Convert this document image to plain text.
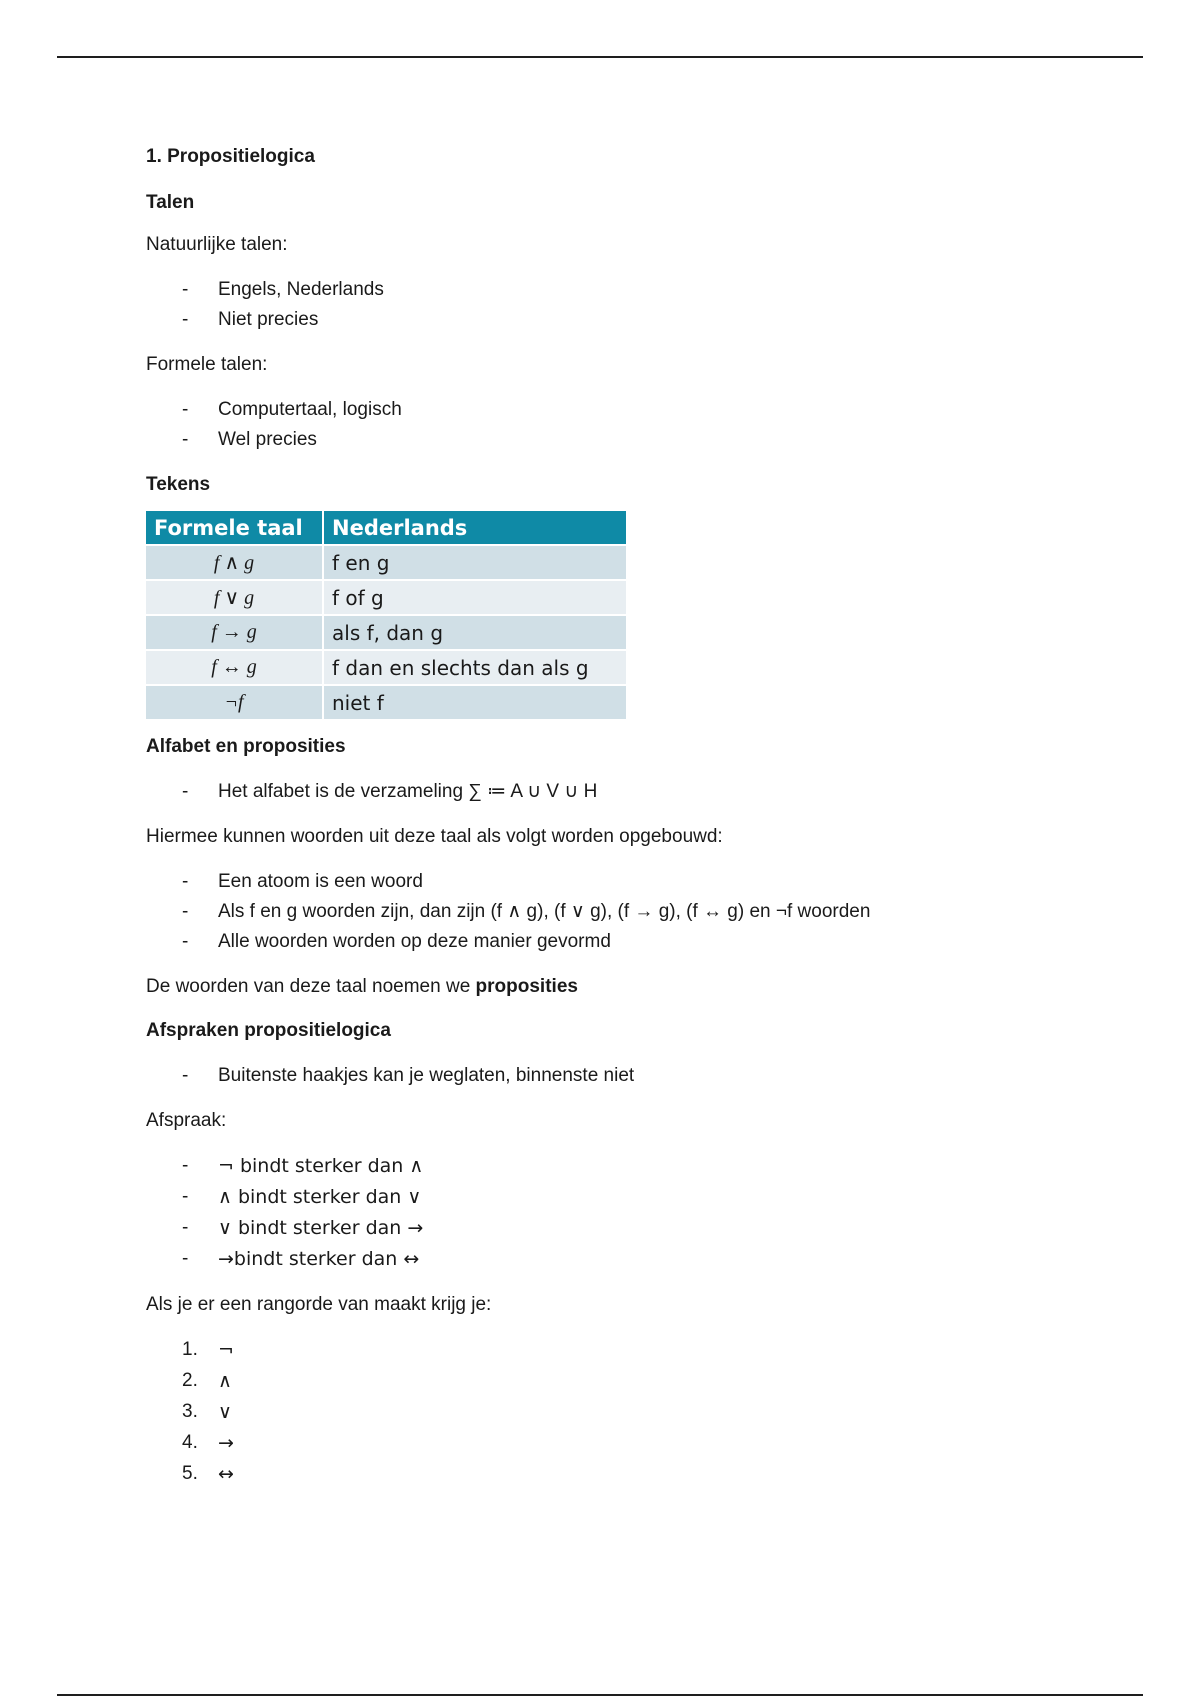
1. Propositielogica

Talen

Natuurlijke talen:

- Engels, Nederlands
- Niet precies

Formele talen:

- Computertaal, logisch
- Wel precies

Tekens

Formele taal	Nederlands
f ∧ g	f en g
f ∨ g	f of g
f → g	als f, dan g
f ↔ g	f dan en slechts dan als g
¬f	niet f

Alfabet en proposities

- Het alfabet is de verzameling ∑ ≔ A ∪ V ∪ H

Hiermee kunnen woorden uit deze taal als volgt worden opgebouwd:

- Een atoom is een woord
- Als f en g woorden zijn, dan zijn (f ∧ g), (f ∨ g), (f → g), (f ↔ g) en ¬f woorden
- Alle woorden worden op deze manier gevormd

De woorden van deze taal noemen we proposities

Afspraken propositielogica

- Buitenste haakjes kan je weglaten, binnenste niet

Afspraak:

- ¬ bindt sterker dan ∧
- ∧ bindt sterker dan ∨
- ∨ bindt sterker dan →
- →bindt sterker dan ↔

Als je er een rangorde van maakt krijg je:

1. ¬
2. ∧
3. ∨
4. →
5. ↔
